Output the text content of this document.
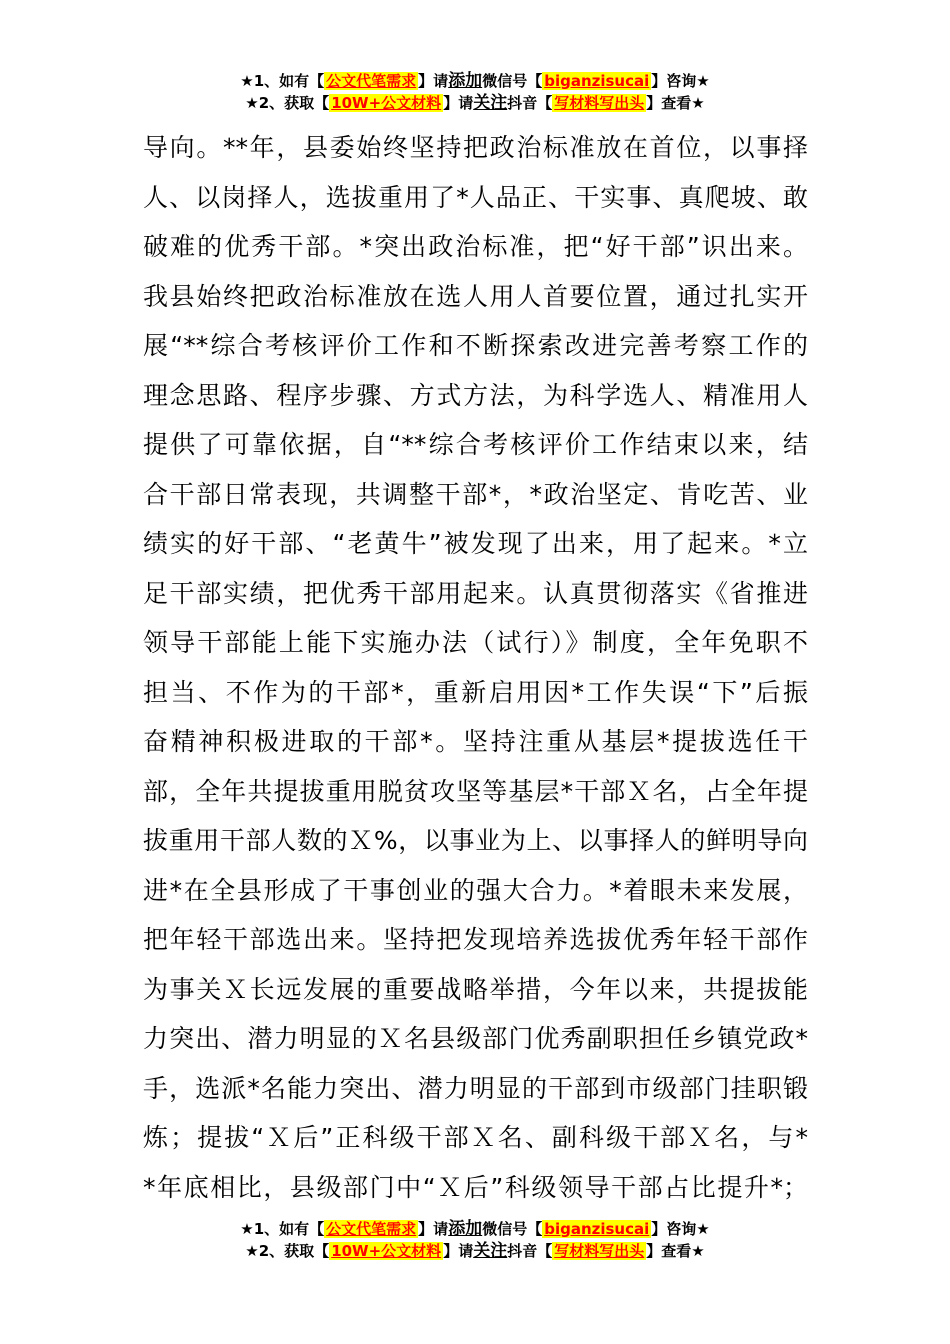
★1、如有【 公文代笔需求 】请添加微信号【 biganzisucai 】咨询★
★2、获取【 10W+公文材料 】请关注抖音【 写材料写出头 】查看★
导向。**年，县委始终坚持把政治标准放在首位，以事择
人、以岗择人，选拔重用了*人品正、干实事、真爬坡、敢
破难的优秀干部。*突出政治标准，把“好干部”识出来。
我县始终把政治标准放在选人用人首要位置，通过扎实开
展“**综合考核评价工作和不断探索改进完善考察工作的
理念思路、程序步骤、方式方法，为科学选人、精准用人
提供了可靠依据，自“**综合考核评价工作结束以来，结
合干部日常表现，共调整干部*，*政治坚定、肯吃苦、业
绩实的好干部、“老黄牛”被发现了出来，用了起来。*立
足干部实绩，把优秀干部用起来。认真贯彻落实《省推进
领导干部能上能下实施办法（试行）》制度，全年免职不
担当、不作为的干部*，重新启用因*工作失误“下”后振
奋精神积极进取的干部*。坚持注重从基层*提拔选任干
部，全年共提拔重用脱贫攻坚等基层*干部Ｘ名，占全年提
拔重用干部人数的Ｘ%，以事业为上、以事择人的鲜明导向
进*在全县形成了干事创业的强大合力。*着眼未来发展，
把年轻干部选出来。坚持把发现培养选拔优秀年轻干部作
为事关Ｘ长远发展的重要战略举措，今年以来，共提拔能
力突出、潜力明显的Ｘ名县级部门优秀副职担任乡镇党政*
手，选派*名能力突出、潜力明显的干部到市级部门挂职锻
炼；提拔“Ｘ后”正科级干部Ｘ名、副科级干部Ｘ名，与*
*年底相比，县级部门中“Ｘ后”科级领导干部占比提升*；
★1、如有【 公文代笔需求 】请添加微信号【 biganzisucai 】咨询★
★2、获取【 10W+公文材料 】请关注抖音【 写材料写出头 】查看★
